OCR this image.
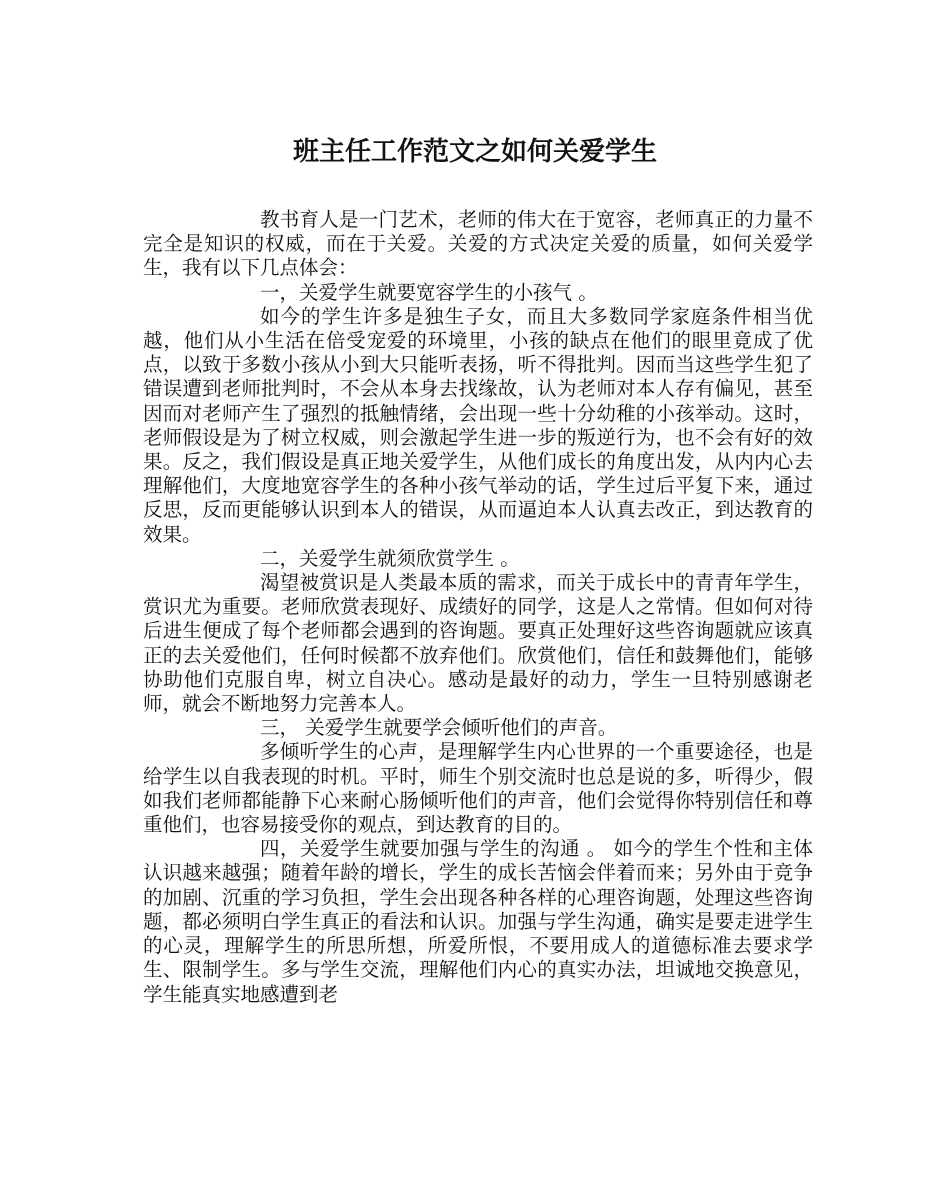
班主任工作范文之如何关爱学生

教书育人是一门艺术，老师的伟大在于宽容，老师真正的力量不完全是知识的权威，而在于关爱。关爱的方式决定关爱的质量，如何关爱学生，我有以下几点体会：

一，关爱学生就要宽容学生的小孩气 。

如今的学生许多是独生子女，而且大多数同学家庭条件相当优越，他们从小生活在倍受宠爱的环境里，小孩的缺点在他们的眼里竟成了优点，以致于多数小孩从小到大只能听表扬，听不得批判。因而当这些学生犯了错误遭到老师批判时，不会从本身去找缘故，认为老师对本人存有偏见，甚至因而对老师产生了强烈的抵触情绪，会出现一些十分幼稚的小孩举动。这时，老师假设是为了树立权威，则会激起学生进一步的叛逆行为，也不会有好的效果。反之，我们假设是真正地关爱学生，从他们成长的角度出发，从内内心去理解他们，大度地宽容学生的各种小孩气举动的话，学生过后平复下来，通过反思，反而更能够认识到本人的错误，从而逼迫本人认真去改正，到达教育的效果。

二，关爱学生就须欣赏学生 。

渴望被赏识是人类最本质的需求，而关于成长中的青青年学生，赏识尤为重要。老师欣赏表现好、成绩好的同学，这是人之常情。但如何对待后进生便成了每个老师都会遇到的咨询题。要真正处理好这些咨询题就应该真正的去关爱他们，任何时候都不放弃他们。欣赏他们，信任和鼓舞他们，能够协助他们克服自卑，树立自决心。感动是最好的动力，学生一旦特别感谢老师，就会不断地努力完善本人。

三， 关爱学生就要学会倾听他们的声音。

多倾听学生的心声，是理解学生内心世界的一个重要途径，也是给学生以自我表现的时机。平时，师生个别交流时也总是说的多，听得少，假如我们老师都能静下心来耐心肠倾听他们的声音，他们会觉得你特别信任和尊重他们，也容易接受你的观点，到达教育的目的。

四，关爱学生就要加强与学生的沟通 。 如今的学生个性和主体认识越来越强；随着年龄的增长，学生的成长苦恼会伴着而来；另外由于竞争的加剧、沉重的学习负担，学生会出现各种各样的心理咨询题，处理这些咨询题，都必须明白学生真正的看法和认识。加强与学生沟通，确实是要走进学生的心灵，理解学生的所思所想，所爱所恨，不要用成人的道德标准去要求学生、限制学生。多与学生交流，理解他们内心的真实办法，坦诚地交换意见，学生能真实地感遭到老
